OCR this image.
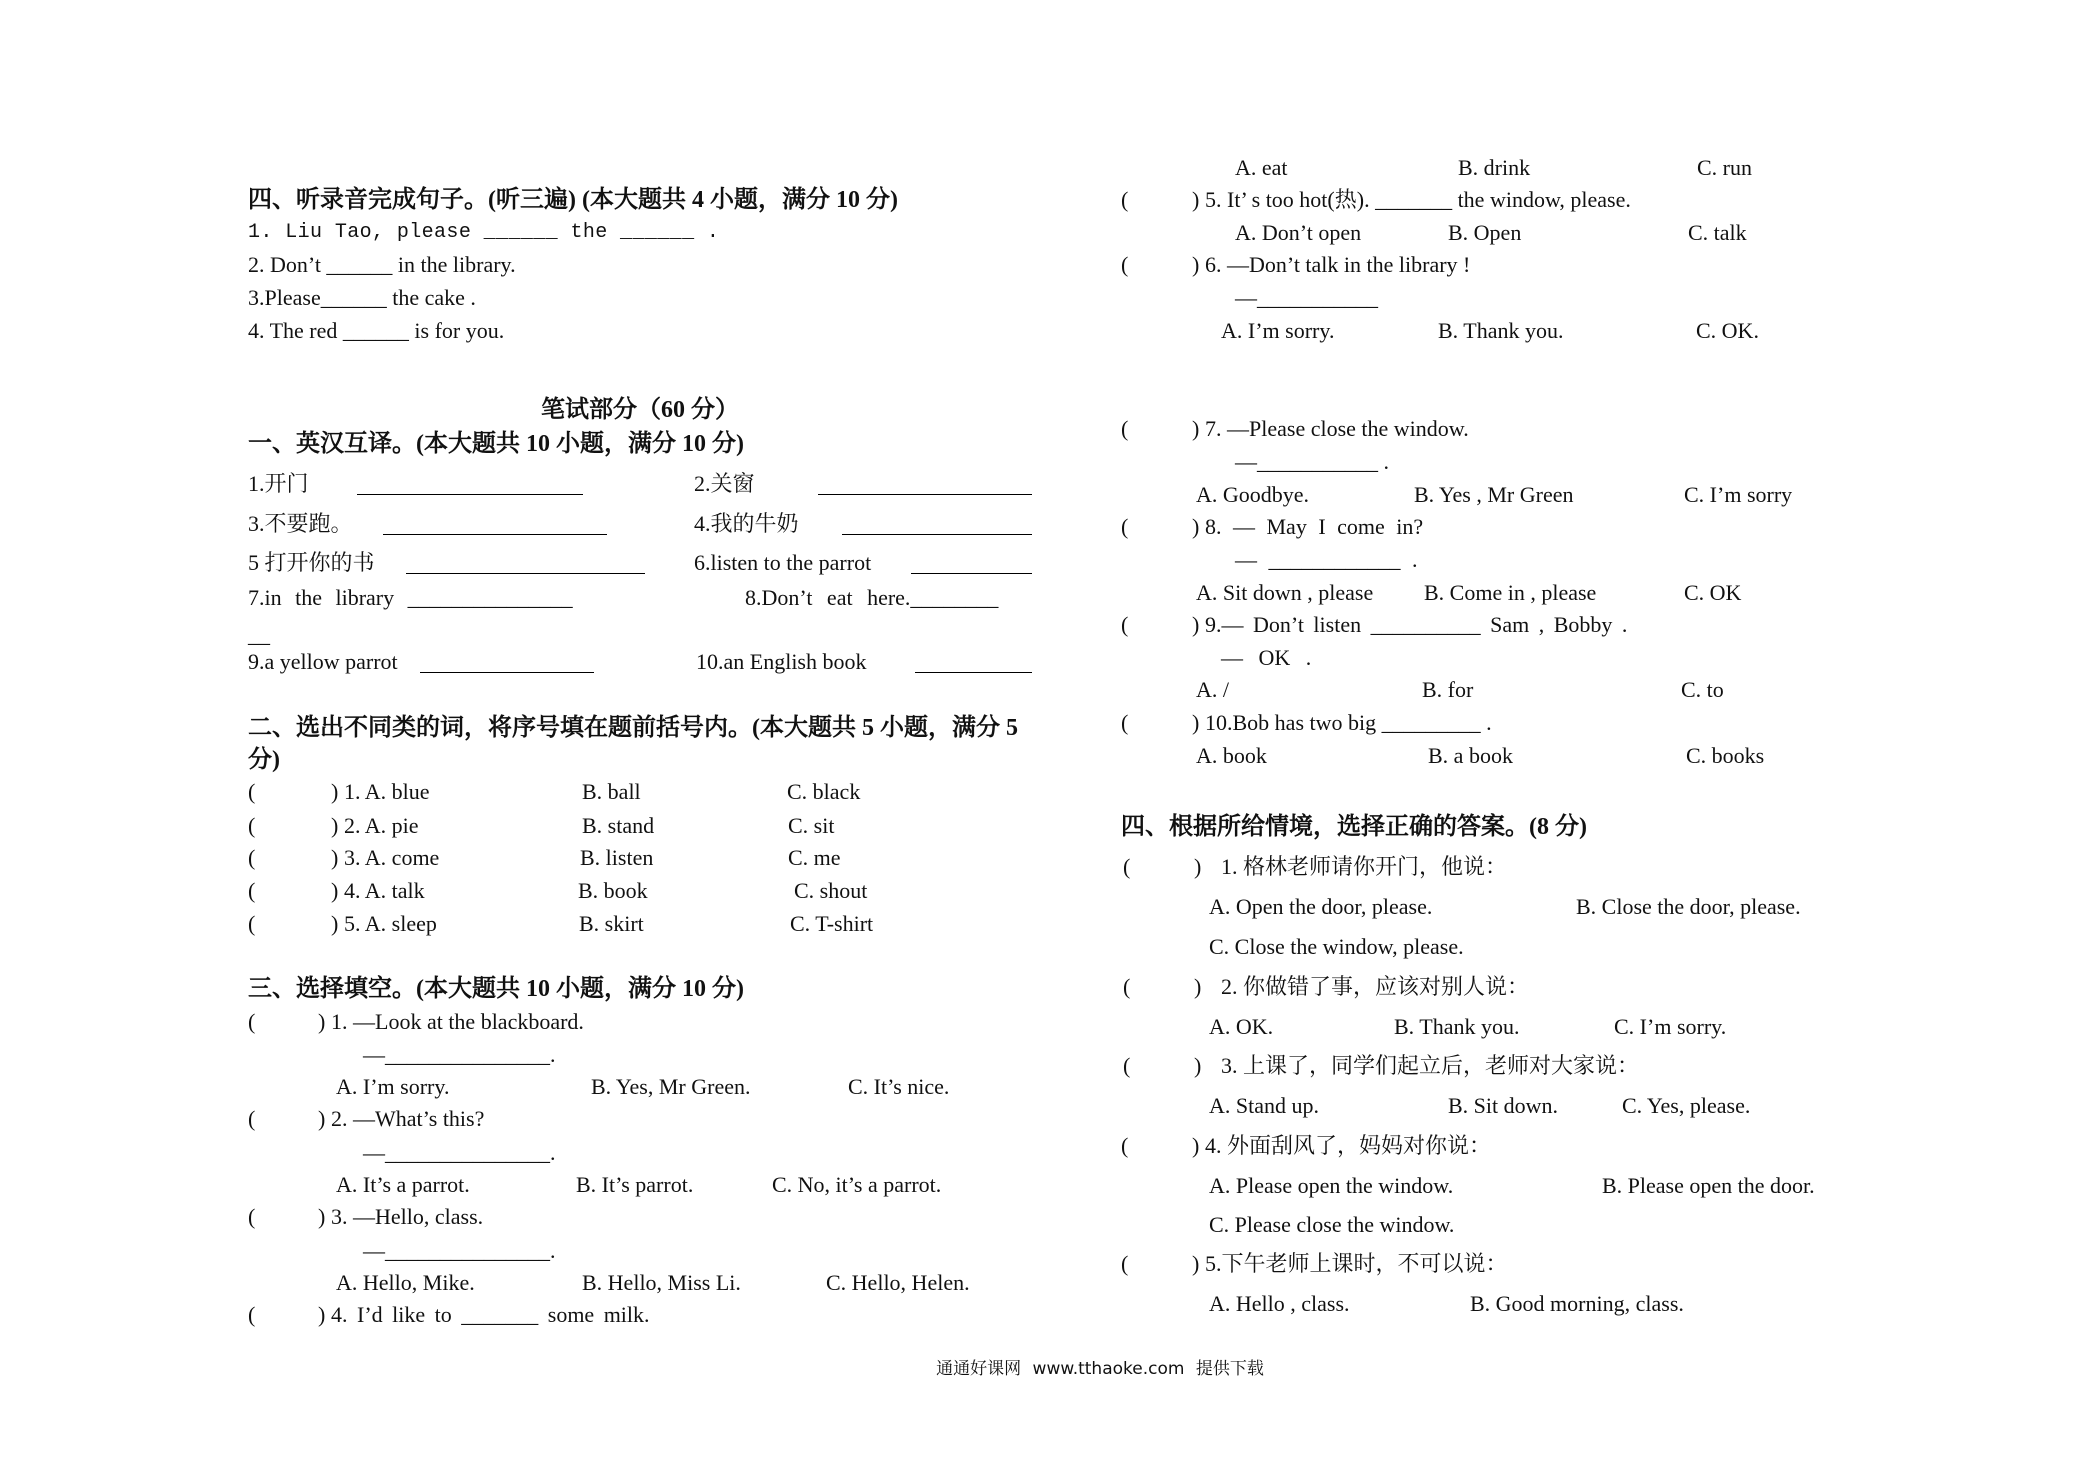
四、听录音完成句子。(听三遍) (本大题共 4 小题，满分 10 分)
1. Liu Tao, please ______ the ______ .
2. Don’t ______ in the library.
3.Please______ the cake .
4. The red ______ is for you.
笔试部分（60 分）
一、英汉互译。(本大题共 10 小题，满分 10 分)
1.开门	2.关窗
3.不要跑。	4.我的牛奶
5 打开你的书	6.listen to the parrot
7.in the library _______________	8.Don’t eat here.________
__
9.a yellow parrot	10.an English book
二、选出不同类的词，将序号填在题前括号内。(本大题共 5 小题，满分 5 分)
(	) 1. A. blue	B. ball	C. black
(	) 2. A. pie	B. stand	C. sit
(	) 3. A. come	B. listen	C. me
(	) 4. A. talk	B. book	C. shout
(	) 5. A. sleep	B. skirt	C. T-shirt
三、选择填空。(本大题共 10 小题，满分 10 分)
(	) 1. —Look at the blackboard.
—_______________.
A. I’m sorry.	B. Yes, Mr Green.	C. It’s nice.
(	) 2. —What’s this?
—_______________.
A. It’s a parrot.	B. It’s parrot.	C. No, it’s a parrot.
(	) 3. —Hello, class.
—_______________.
A. Hello, Mike.	B. Hello, Miss Li.	C. Hello, Helen.
(	) 4. I’d like to _______ some milk.
A. eat	B. drink	C. run
(	) 5. It’ s too hot(热). _______ the window, please.
A. Don’t open	B. Open	C. talk
(	) 6. —Don’t talk in the library !
—___________
A. I’m sorry.	B. Thank you.	C. OK.
(	) 7. —Please close the window.
—___________ .
A. Goodbye.	B. Yes , Mr Green	C. I’m sorry
(	) 8. — May I come in?
— ____________ .
A. Sit down , please B. Come in , please	C. OK
(	) 9.— Don’t listen __________ Sam , Bobby .
— OK .
A. /	B. for	C. to
(	) 10.Bob has two big _________ .
A. book	B. a book	C. books
四、根据所给情境，选择正确的答案。(8 分)
(	) 1. 格林老师请你开门，他说：
A. Open the door, please.	B. Close the door, please.
C. Close the window, please.
(	) 2. 你做错了事，应该对别人说：
A. OK.	B. Thank you.	C. I’m sorry.
(	) 3. 上课了，同学们起立后，老师对大家说：
A. Stand up.	B. Sit down.	C. Yes, please.
(	) 4. 外面刮风了，妈妈对你说：
A. Please open the window.	B. Please open the door.
C. Please close the window.
(	) 5.下午老师上课时，不可以说：
A. Hello , class.	B. Good morning, class.
通通好课网 www.tthaoke.com 提供下载
